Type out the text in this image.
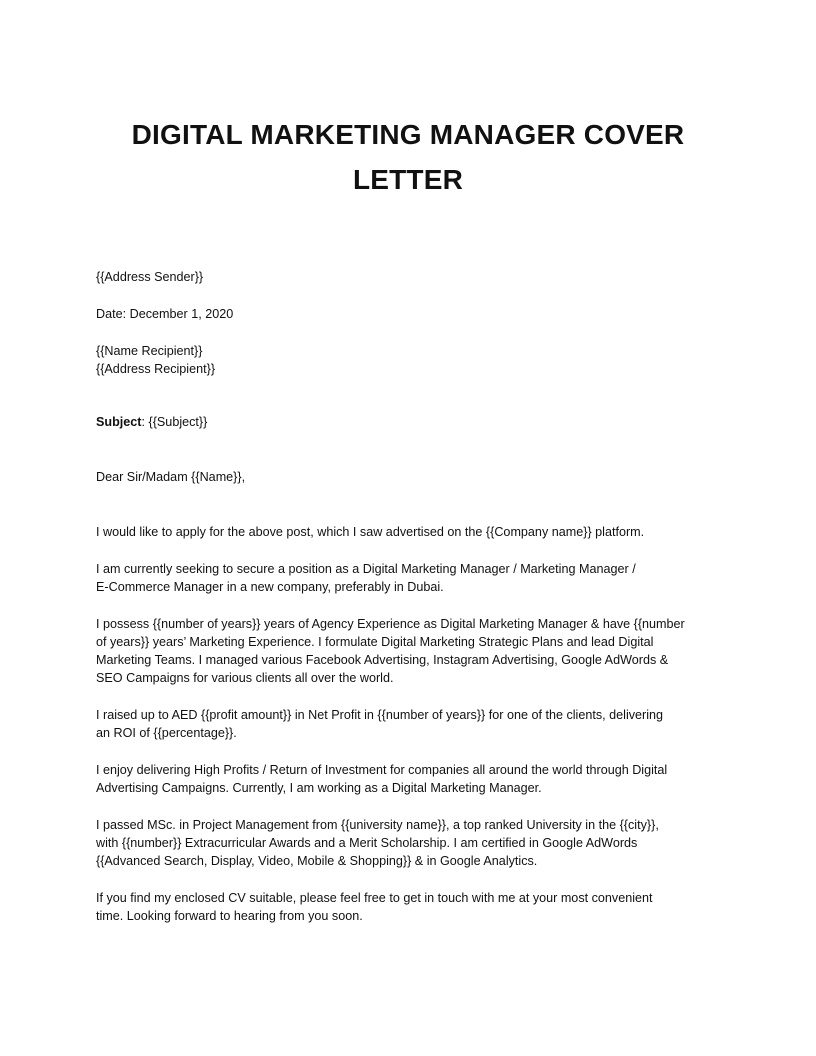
DIGITAL MARKETING MANAGER COVER
LETTER

{{Address Sender}}

Date: December 1, 2020

{{Name Recipient}}
{{Address Recipient}}

Subject: {{Subject}}

Dear Sir/Madam {{Name}},

I would like to apply for the above post, which I saw advertised on the {{Company name}} platform.

I am currently seeking to secure a position as a Digital Marketing Manager / Marketing Manager /
E-Commerce Manager in a new company, preferably in Dubai.

I possess {{number of years}} years of Agency Experience as Digital Marketing Manager & have {{number
of years}} years’ Marketing Experience. I formulate Digital Marketing Strategic Plans and lead Digital
Marketing Teams. I managed various Facebook Advertising, Instagram Advertising, Google AdWords &
SEO Campaigns for various clients all over the world.

I raised up to AED {{profit amount}} in Net Profit in {{number of years}} for one of the clients, delivering
an ROI of {{percentage}}.

I enjoy delivering High Profits / Return of Investment for companies all around the world through Digital
Advertising Campaigns. Currently, I am working as a Digital Marketing Manager.

I passed MSc. in Project Management from {{university name}}, a top ranked University in the {{city}},
with {{number}} Extracurricular Awards and a Merit Scholarship. I am certified in Google AdWords
{{Advanced Search, Display, Video, Mobile & Shopping}} & in Google Analytics.

If you find my enclosed CV suitable, please feel free to get in touch with me at your most convenient
time. Looking forward to hearing from you soon.
